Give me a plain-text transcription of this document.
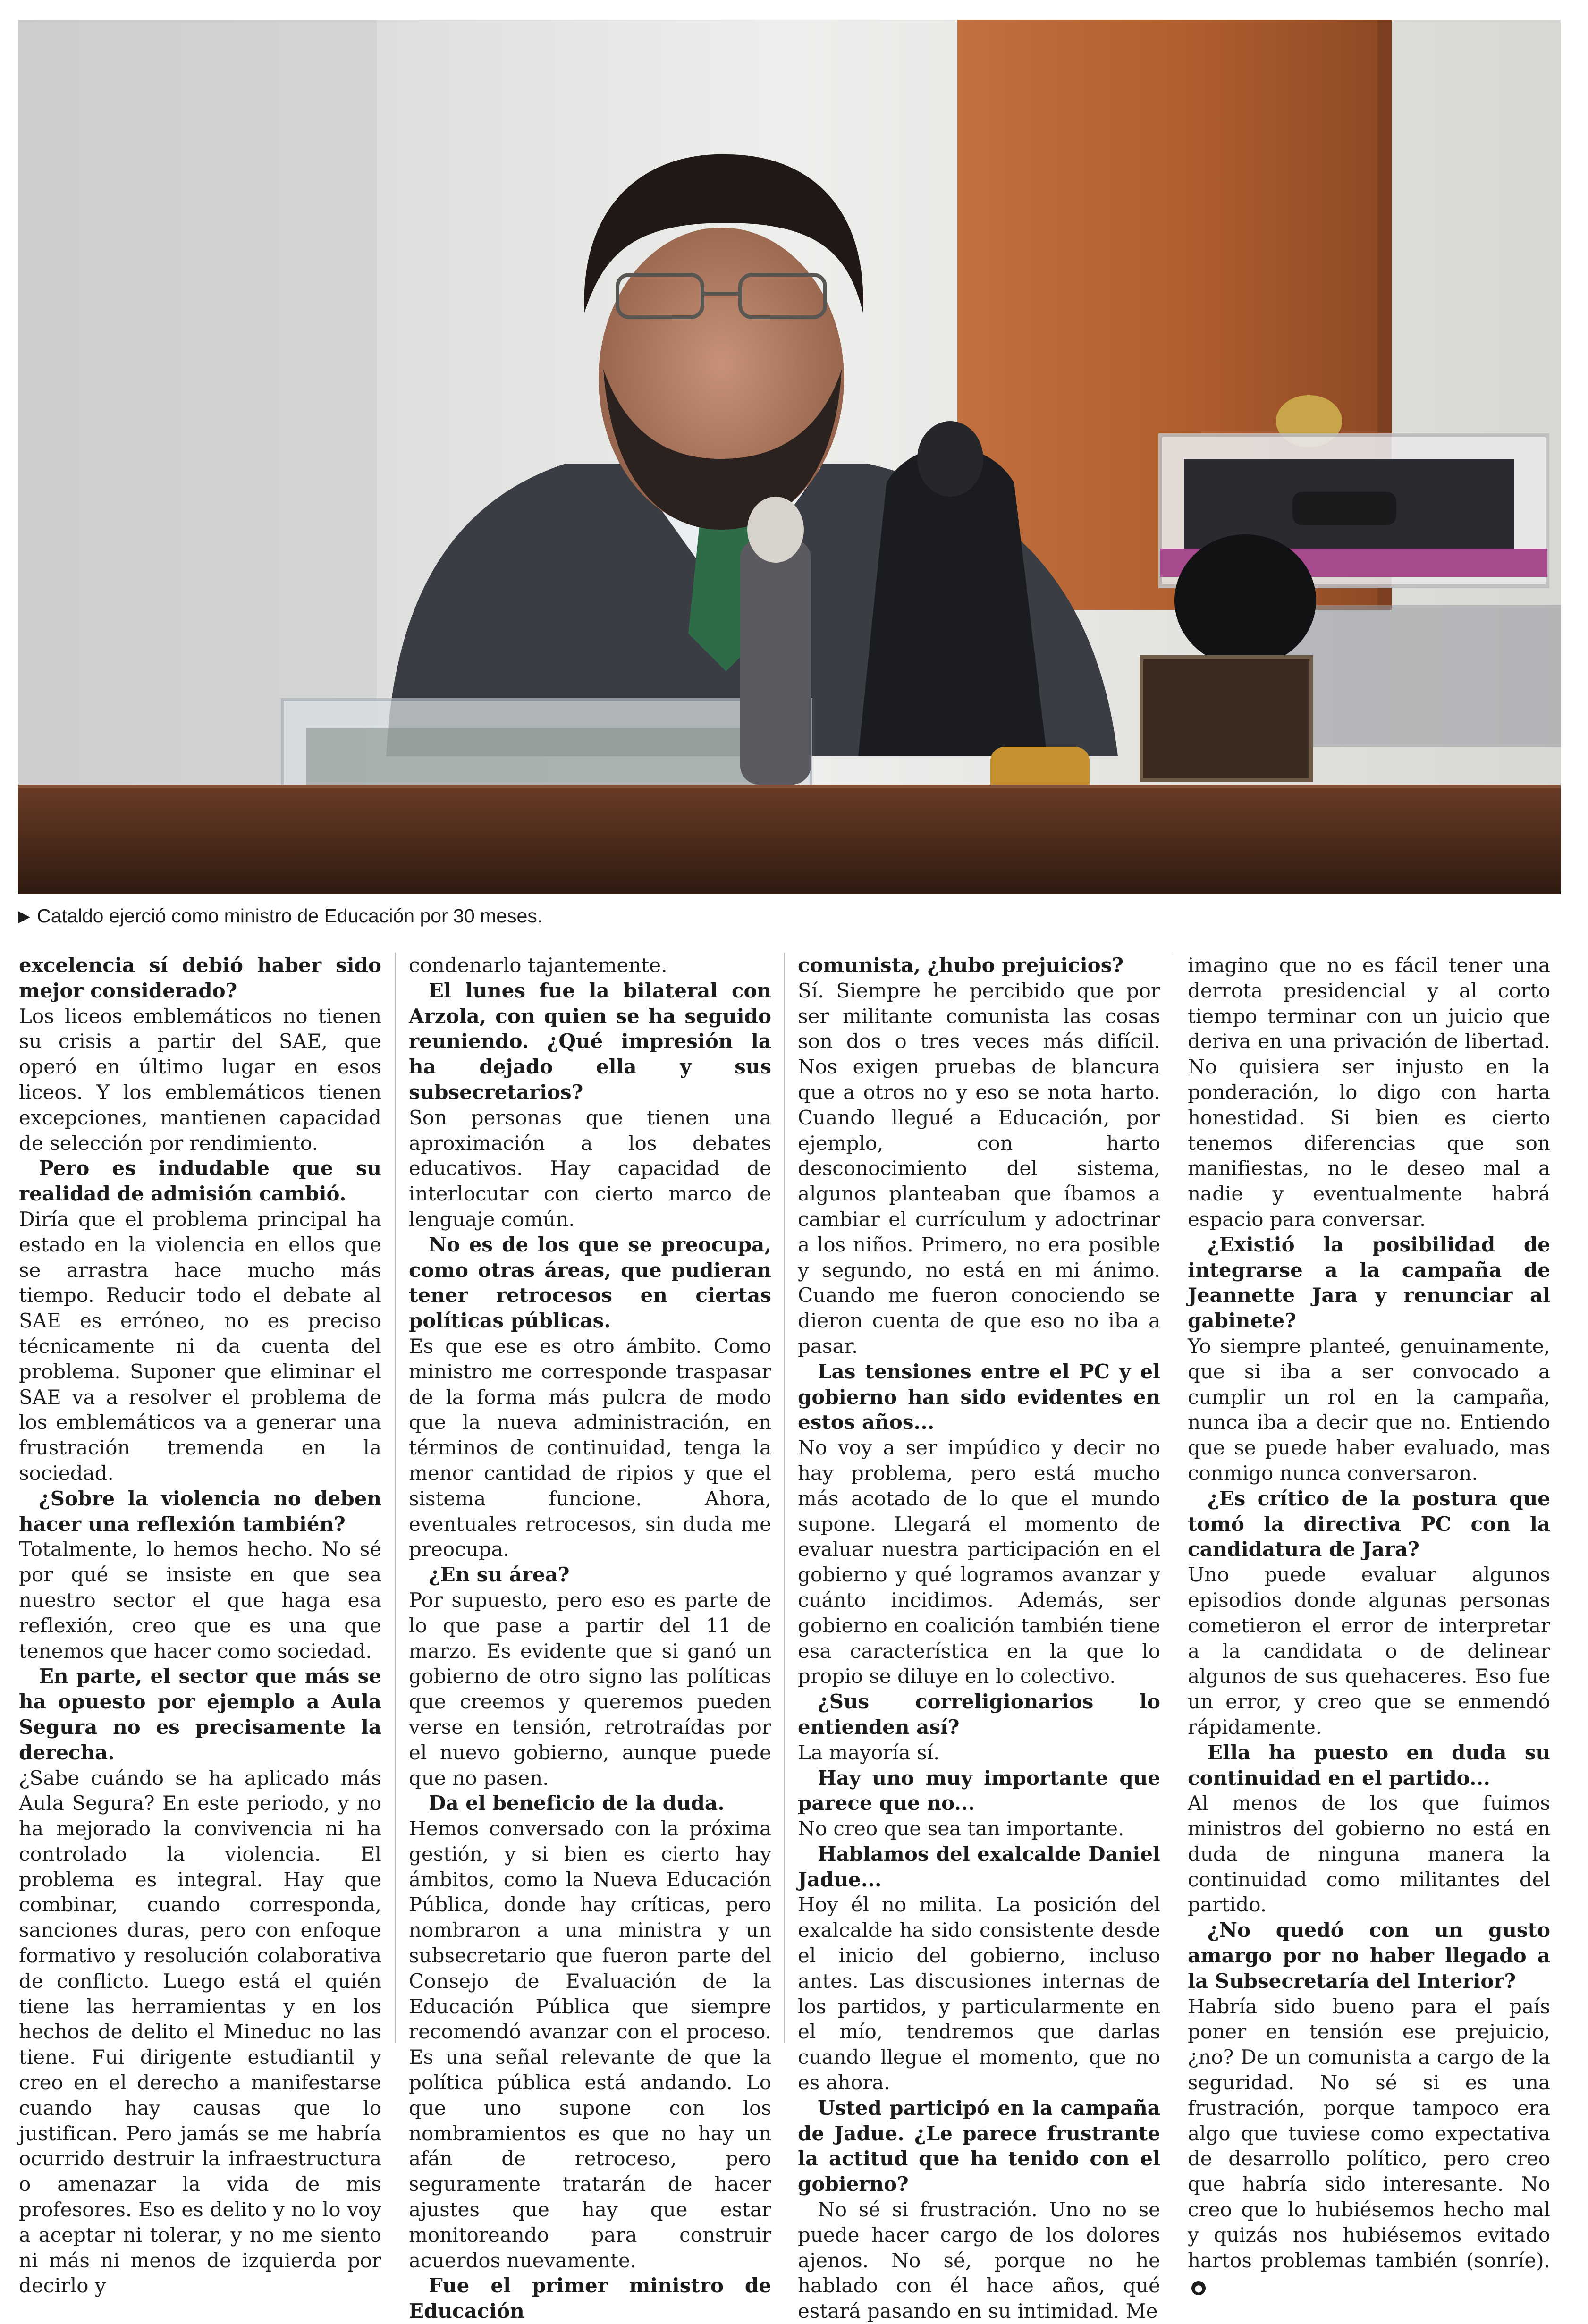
▶ Cataldo ejerció como ministro de Educación por 30 meses.

excelencia sí debió haber sido mejor considerado?

Los liceos emblemáticos no tienen su crisis a partir del SAE, que operó en último lugar en esos liceos. Y los emblemáticos tienen excepciones, mantienen capacidad de selección por rendimiento.

Pero es indudable que su realidad de admisión cambió.

Diría que el problema principal ha estado en la violencia en ellos que se arrastra hace mucho más tiempo. Reducir todo el debate al SAE es erróneo, no es preciso técnicamente ni da cuenta del problema. Suponer que eliminar el SAE va a resolver el problema de los emblemáticos va a generar una frustración tremenda en la sociedad.

¿Sobre la violencia no deben hacer una reflexión también?

Totalmente, lo hemos hecho. No sé por qué se insiste en que sea nuestro sector el que haga esa reflexión, creo que es una que tenemos que hacer como sociedad.

En parte, el sector que más se ha opuesto por ejemplo a Aula Segura no es precisamente la derecha.

¿Sabe cuándo se ha aplicado más Aula Segura? En este periodo, y no ha mejorado la convivencia ni ha controlado la violencia. El problema es integral. Hay que combinar, cuando corresponda, sanciones duras, pero con enfoque formativo y resolución colaborativa de conflicto. Luego está el quién tiene las herramientas y en los hechos de delito el Mineduc no las tiene. Fui dirigente estudiantil y creo en el derecho a manifestarse cuando hay causas que lo justifican. Pero jamás se me habría ocurrido destruir la infraestructura o amenazar la vida de mis profesores. Eso es delito y no lo voy a aceptar ni tolerar, y no me siento ni más ni menos de izquierda por decirlo y

condenarlo tajantemente.

El lunes fue la bilateral con Arzola, con quien se ha seguido reuniendo. ¿Qué impresión la ha dejado ella y sus subsecretarios?

Son personas que tienen una aproximación a los debates educativos. Hay capacidad de interlocutar con cierto marco de lenguaje común.

No es de los que se preocupa, como otras áreas, que pudieran tener retrocesos en ciertas políticas públicas.

Es que ese es otro ámbito. Como ministro me corresponde traspasar de la forma más pulcra de modo que la nueva administración, en términos de continuidad, tenga la menor cantidad de ripios y que el sistema funcione. Ahora, eventuales retrocesos, sin duda me preocupa.

¿En su área?

Por supuesto, pero eso es parte de lo que pase a partir del 11 de marzo. Es evidente que si ganó un gobierno de otro signo las políticas que creemos y queremos pueden verse en tensión, retrotraídas por el nuevo gobierno, aunque puede que no pasen.

Da el beneficio de la duda.

Hemos conversado con la próxima gestión, y si bien es cierto hay ámbitos, como la Nueva Educación Pública, donde hay críticas, pero nombraron a una ministra y un subsecretario que fueron parte del Consejo de Evaluación de la Educación Pública que siempre recomendó avanzar con el proceso. Es una señal relevante de que la política pública está andando. Lo que uno supone con los nombramientos es que no hay un afán de retroceso, pero seguramente tratarán de hacer ajustes que hay que estar monitoreando para construir acuerdos nuevamente.

Fue el primer ministro de Educación

comunista, ¿hubo prejuicios?

Sí. Siempre he percibido que por ser militante comunista las cosas son dos o tres veces más difícil. Nos exigen pruebas de blancura que a otros no y eso se nota harto. Cuando llegué a Educación, por ejemplo, con harto desconocimiento del sistema, algunos planteaban que íbamos a cambiar el currículum y adoctrinar a los niños. Primero, no era posible y segundo, no está en mi ánimo. Cuando me fueron conociendo se dieron cuenta de que eso no iba a pasar.

Las tensiones entre el PC y el gobierno han sido evidentes en estos años...

No voy a ser impúdico y decir no hay problema, pero está mucho más acotado de lo que el mundo supone. Llegará el momento de evaluar nuestra participación en el gobierno y qué logramos avanzar y cuánto incidimos. Además, ser gobierno en coalición también tiene esa característica en la que lo propio se diluye en lo colectivo.

¿Sus correligionarios lo entienden así?

La mayoría sí.

Hay uno muy importante que parece que no...

No creo que sea tan importante.

Hablamos del exalcalde Daniel Jadue...

Hoy él no milita. La posición del exalcalde ha sido consistente desde el inicio del gobierno, incluso antes. Las discusiones internas de los partidos, y particularmente en el mío, tendremos que darlas cuando llegue el momento, que no es ahora.

Usted participó en la campaña de Jadue. ¿Le parece frustrante la actitud que ha tenido con el gobierno?

No sé si frustración. Uno no se puede hacer cargo de los dolores ajenos. No sé, porque no he hablado con él hace años, qué estará pasando en su intimidad. Me

imagino que no es fácil tener una derrota presidencial y al corto tiempo terminar con un juicio que deriva en una privación de libertad. No quisiera ser injusto en la ponderación, lo digo con harta honestidad. Si bien es cierto tenemos diferencias que son manifiestas, no le deseo mal a nadie y eventualmente habrá espacio para conversar.

¿Existió la posibilidad de integrarse a la campaña de Jeannette Jara y renunciar al gabinete?

Yo siempre planteé, genuinamente, que si iba a ser convocado a cumplir un rol en la campaña, nunca iba a decir que no. Entiendo que se puede haber evaluado, mas conmigo nunca conversaron.

¿Es crítico de la postura que tomó la directiva PC con la candidatura de Jara?

Uno puede evaluar algunos episodios donde algunas personas cometieron el error de interpretar a la candidata o de delinear algunos de sus quehaceres. Eso fue un error, y creo que se enmendó rápidamente.

Ella ha puesto en duda su continuidad en el partido...

Al menos de los que fuimos ministros del gobierno no está en duda de ninguna manera la continuidad como militantes del partido.

¿No quedó con un gusto amargo por no haber llegado a la Subsecretaría del Interior?

Habría sido bueno para el país poner en tensión ese prejuicio, ¿no? De un comunista a cargo de la seguridad. No sé si es una frustración, porque tampoco era algo que tuviese como expectativa de desarrollo político, pero creo que habría sido interesante. No creo que lo hubiésemos hecho mal y quizás nos hubiésemos evitado hartos problemas también (sonríe).●
